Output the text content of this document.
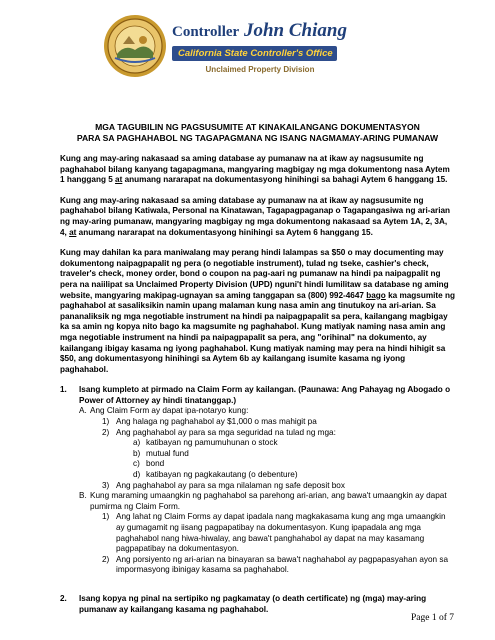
Controller John Chiang
California State Controller's Office
Unclaimed Property Division
MGA TAGUBILIN NG PAGSUSUMITE AT KINAKAILANGANG DOKUMENTASYON
PARA SA PAGHAHABOL NG TAGAPAGMANA NG ISANG NAGMAMAY-ARING PUMANAW
Kung ang may-aring nakasaad sa aming database ay pumanaw na at ikaw ay nagsusumite ng paghahabol bilang kanyang tagapagmana, mangyaring magbigay ng mga dokumentong nasa Aytem 1 hanggang 5 at anumang nararapat na dokumentasyong hinihingi sa bahagi Aytem 6 hanggang 15.
Kung ang may-aring nakasaad sa aming database ay pumanaw na at ikaw ay nagsusumite ng paghahabol bilang Katiwala, Personal na Kinatawan, Tagapagpaganap o Tagapangasiwa ng ari-arian ng may-aring pumanaw, mangyaring magbigay ng mga dokumentong nakasaad sa Aytem 1A, 2, 3A, 4, at anumang nararapat na dokumentasyong hinihingi sa Aytem 6 hanggang 15.
Kung may dahilan ka para maniwalang may perang hindi lalampas sa $50 o may documenting may dokumentong naipagpapalit ng pera (o negotiable instrument), tulad ng tseke, cashier's check, traveler's check, money order, bond o coupon na pag-aari ng pumanaw na hindi pa naipagpalit ng pera na naiilipat sa Unclaimed Property Division (UPD) nguni't hindi lumilitaw sa database ng aming website, mangyaring makipag-ugnayan sa aming tanggapan sa (800) 992-4647 bago ka magsumite ng paghahabol at sasaliksikin namin upang malaman kung nasa amin ang tinutukoy na ari-arian. Sa pananaliksik ng mga negotiable instrument na hindi pa naipagpapalit sa pera, kailangang magbigay ka sa amin ng kopya nito bago ka magsumite ng paghahabol. Kung matiyak naming nasa amin ang mga negotiable instrument na hindi pa naipagpapalit sa pera, ang "orihinal" na dokumento, ay kailangang ibigay kasama ng iyong paghahabol. Kung matiyak naming may pera na hindi hihigit sa $50, ang dokumentasyong hinihingi sa Aytem 6b ay kailangang isumite kasama ng iyong paghahabol.
1. Isang kumpleto at pirmado na Claim Form ay kailangan. (Paunawa: Ang Pahayag ng Abogado o Power of Attorney ay hindi tinatanggap.)
A. Ang Claim Form ay dapat ipa-notaryo kung:
1) Ang halaga ng paghahabol ay $1,000 o mas mahigit pa
2) Ang paghahabol ay para sa mga seguridad na tulad ng mga:
a) katibayan ng pamumuhunan o stock
b) mutual fund
c) bond
d) katibayan ng pagkakautang (o debenture)
3) Ang paghahabol ay para sa mga nilalaman ng safe deposit box
B. Kung maraming umaangkin ng paghahabol sa parehong ari-arian, ang bawa't umaangkin ay dapat pumirma ng Claim Form.
1) Ang lahat ng Claim Forms ay dapat ipadala nang magkakasama kung ang mga umaangkin ay gumagamit ng iisang pagpapatibay na dokumentasyon. Kung ipapadala ang mga paghahabol nang hiwa-hiwalay, ang bawa't panghahabol ay dapat na may kasamang pagpapatibay na dokumentasyon.
2) Ang porsiyento ng ari-arian na binayaran sa bawa't naghahabol ay pagpapasyahan ayon sa impormasyong ibinigay kasama sa paghahabol.
2. Isang kopya ng pinal na sertipiko ng pagkamatay (o death certificate) ng (mga) may-aring pumanaw ay kailangang kasama ng paghahabol.
Page 1 of 7
